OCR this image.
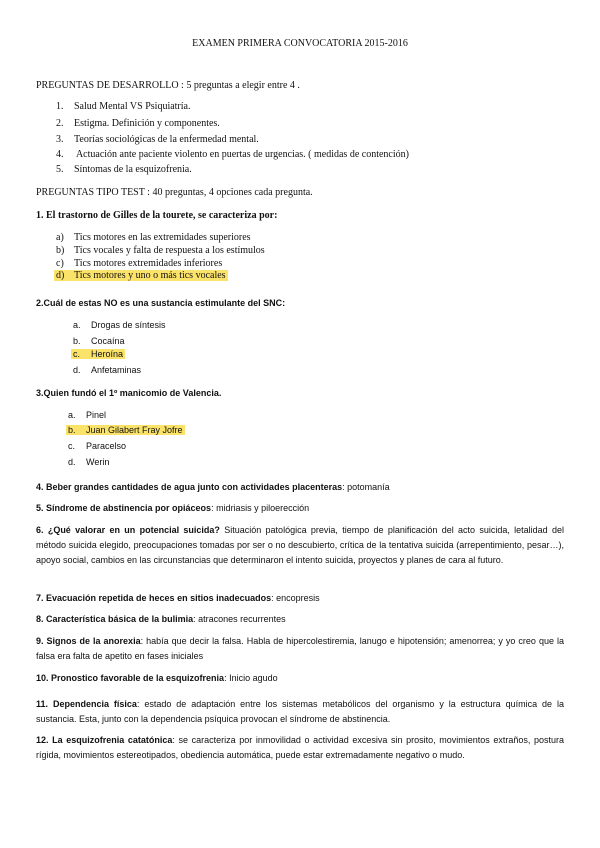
EXAMEN PRIMERA CONVOCATORIA 2015-2016
PREGUNTAS DE DESARROLLO : 5 preguntas a elegir entre 4 .
1. Salud Mental VS Psiquiatría.
2. Estigma. Definición y componentes.
3. Teorías sociológicas de la enfermedad mental.
4. Actuación ante paciente violento en puertas de urgencias. ( medidas de contención)
5. Síntomas de la esquizofrenia.
PREGUNTAS TIPO TEST : 40 preguntas, 4 opciones cada pregunta.
1. El trastorno de Gilles de la tourete, se caracteriza por:
a) Tics motores en las extremidades superiores
b) Tics vocales y falta de respuesta a los estímulos
c) Tics motores extremidades inferiores
d) Tics motores y uno o más tics vocales
2.Cuál de estas NO es una sustancia estimulante del SNC:
a. Drogas de síntesis
b. Cocaína
c. Heroína
d. Anfetaminas
3.Quien fundó el 1º manicomio de Valencia.
a. Pinel
b. Juan Gilabert Fray Jofre
c. Paracelso
d. Werin
4. Beber grandes cantidades de agua junto con actividades placenteras: potomanía
5. Síndrome de abstinencia por opiáceos: midriasis y piloerección
6. ¿Qué valorar en un potencial suicida? Situación patológica previa, tiempo de planificación del acto suicida, letalidad del método suicida elegido, preocupaciones tomadas por ser o no descubierto, crítica de la tentativa suicida (arrepentimiento, pesar…), apoyo social, cambios en las circunstancias que determinaron el intento suicida, proyectos y planes de cara al futuro.
7. Evacuación repetida de heces en sitios inadecuados: encopresis
8. Característica básica de la bulimia: atracones recurrentes
9. Signos de la anorexia: había que decir la falsa. Habla de hipercolestiremia, lanugo e hipotensión; amenorrea; y yo creo que la falsa era falta de apetito en fases iniciales
10. Pronostico favorable de la esquizofrenia: Inicio agudo
11. Dependencia física: estado de adaptación entre los sistemas metabólicos del organismo y la estructura química de la sustancia. Esta, junto con la dependencia psíquica provocan el síndrome de abstinencia.
12. La esquizofrenia catatónica: se caracteriza por inmovilidad o actividad excesiva sin prosito, movimientos extraños, postura rígida, movimientos estereotipados, obediencia automática, puede estar extremadamente negativo o mudo.
